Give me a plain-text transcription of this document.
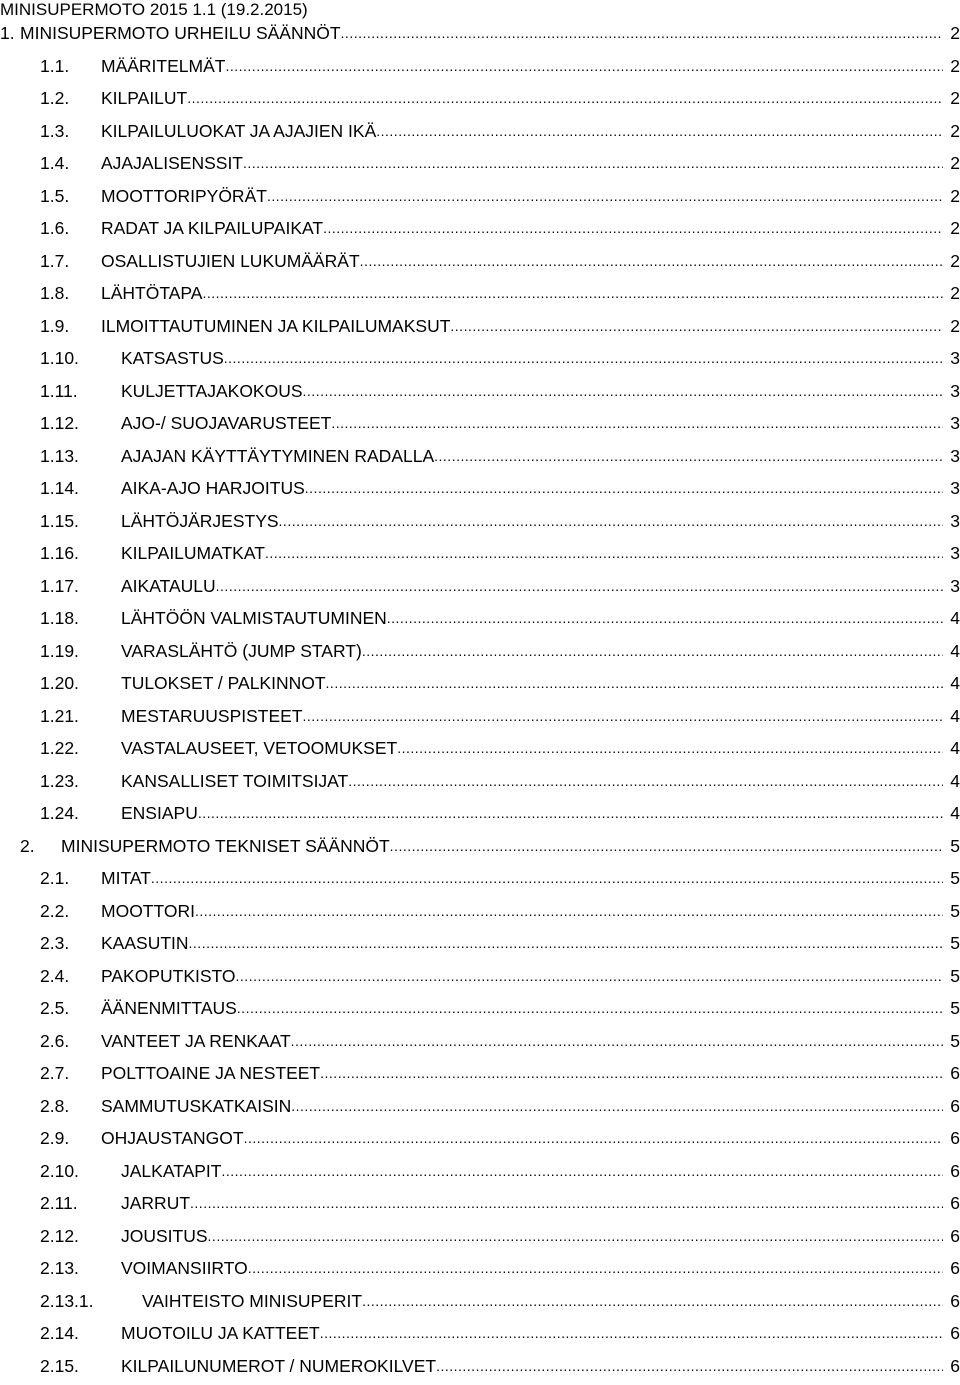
MINISUPERMOTO 2015 1.1 (19.2.2015)
1. MINISUPERMOTO URHEILU SÄÄNNÖT .....	2
1.1. MÄÄRITELMÄT .....	2
1.2. KILPAILUT .....	2
1.3. KILPAILULUOKAT JA AJAJIEN IKÄ .....	2
1.4. AJAJALISENSSIT .....	2
1.5. MOOTTORIPYÖRÄT .....	2
1.6. RADAT JA KILPAILUPAIKAT .....	2
1.7. OSALLISTUJIEN LUKUMÄÄRÄT .....	2
1.8. LÄHTÖTAPA .....	2
1.9. ILMOITTAUTUMINEN JA KILPAILUMAKSUT .....	2
1.10. KATSASTUS .....	3
1.11. KULJETTAJAKOKOUS .....	3
1.12. AJO-/ SUOJAVARUSTEET .....	3
1.13. AJAJAN KÄYTTÄYTYMINEN RADALLA .....	3
1.14. AIKA-AJO HARJOITUS .....	3
1.15. LÄHTÖJÄRJESTYS .....	3
1.16. KILPAILUMATKAT .....	3
1.17. AIKATAULU .....	3
1.18. LÄHTÖÖN VALMISTAUTUMINEN .....	4
1.19. VARASLÄHTÖ (JUMP START) .....	4
1.20. TULOKSET / PALKINNOT .....	4
1.21. MESTARUUSPISTEET .....	4
1.22. VASTALAUSEET, VETOOMUKSET .....	4
1.23. KANSALLISET TOIMITSIJAT .....	4
1.24. ENSIAPU .....	4
2. MINISUPERMOTO TEKNISET SÄÄNNÖT .....	5
2.1. MITAT .....	5
2.2. MOOTTORI .....	5
2.3. KAASUTIN .....	5
2.4. PAKOPUTKISTO .....	5
2.5. ÄÄNENMITTAUS .....	5
2.6. VANTEET JA RENKAAT .....	5
2.7. POLTTOAINE JA NESTEET .....	6
2.8. SAMMUTUSKATKAISIN .....	6
2.9. OHJAUSTANGOT .....	6
2.10. JALKATAPIT .....	6
2.11. JARRUT .....	6
2.12. JOUSITUS .....	6
2.13. VOIMANSIIRTO .....	6
2.13.1.	VAIHTEISTO MINISUPERIT .....	6
2.14. MUOTOILU JA KATTEET .....	6
2.15. KILPAILUNUMEROT / NUMEROKILVET .....	6
